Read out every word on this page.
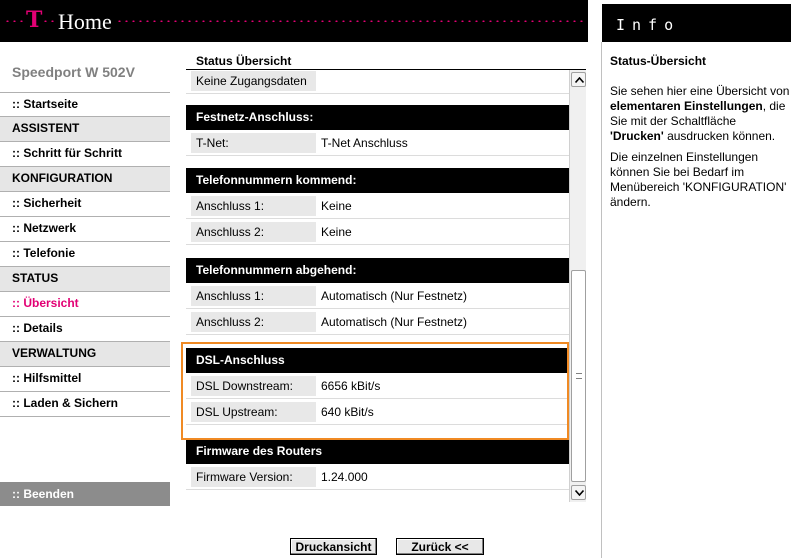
T Home	Info
Speedport W 502V
:: Startseite
ASSISTENT
:: Schritt für Schritt
KONFIGURATION
:: Sicherheit
:: Netzwerk
:: Telefonie
STATUS
:: Übersicht
:: Details
VERWALTUNG
:: Hilfsmittel
:: Laden & Sichern
:: Beenden
Status Übersicht
Keine Zugangsdaten
Festnetz-Anschluss:
T-Net:	T-Net Anschluss
Telefonnummern kommend:
Anschluss 1:	Keine
Anschluss 2:	Keine
Telefonnummern abgehend:
Anschluss 1:	Automatisch (Nur Festnetz)
Anschluss 2:	Automatisch (Nur Festnetz)
DSL-Anschluss
DSL Downstream:	6656 kBit/s
DSL Upstream:	640 kBit/s
Firmware des Routers
Firmware Version:	1.24.000
Status-Übersicht

Sie sehen hier eine Übersicht von elementaren Einstellungen, die Sie mit der Schaltfläche 'Drucken' ausdrucken können.

Die einzelnen Einstellungen können Sie bei Bedarf im Menübereich 'KONFIGURATION' ändern.

Druckansicht	Zurück <<
